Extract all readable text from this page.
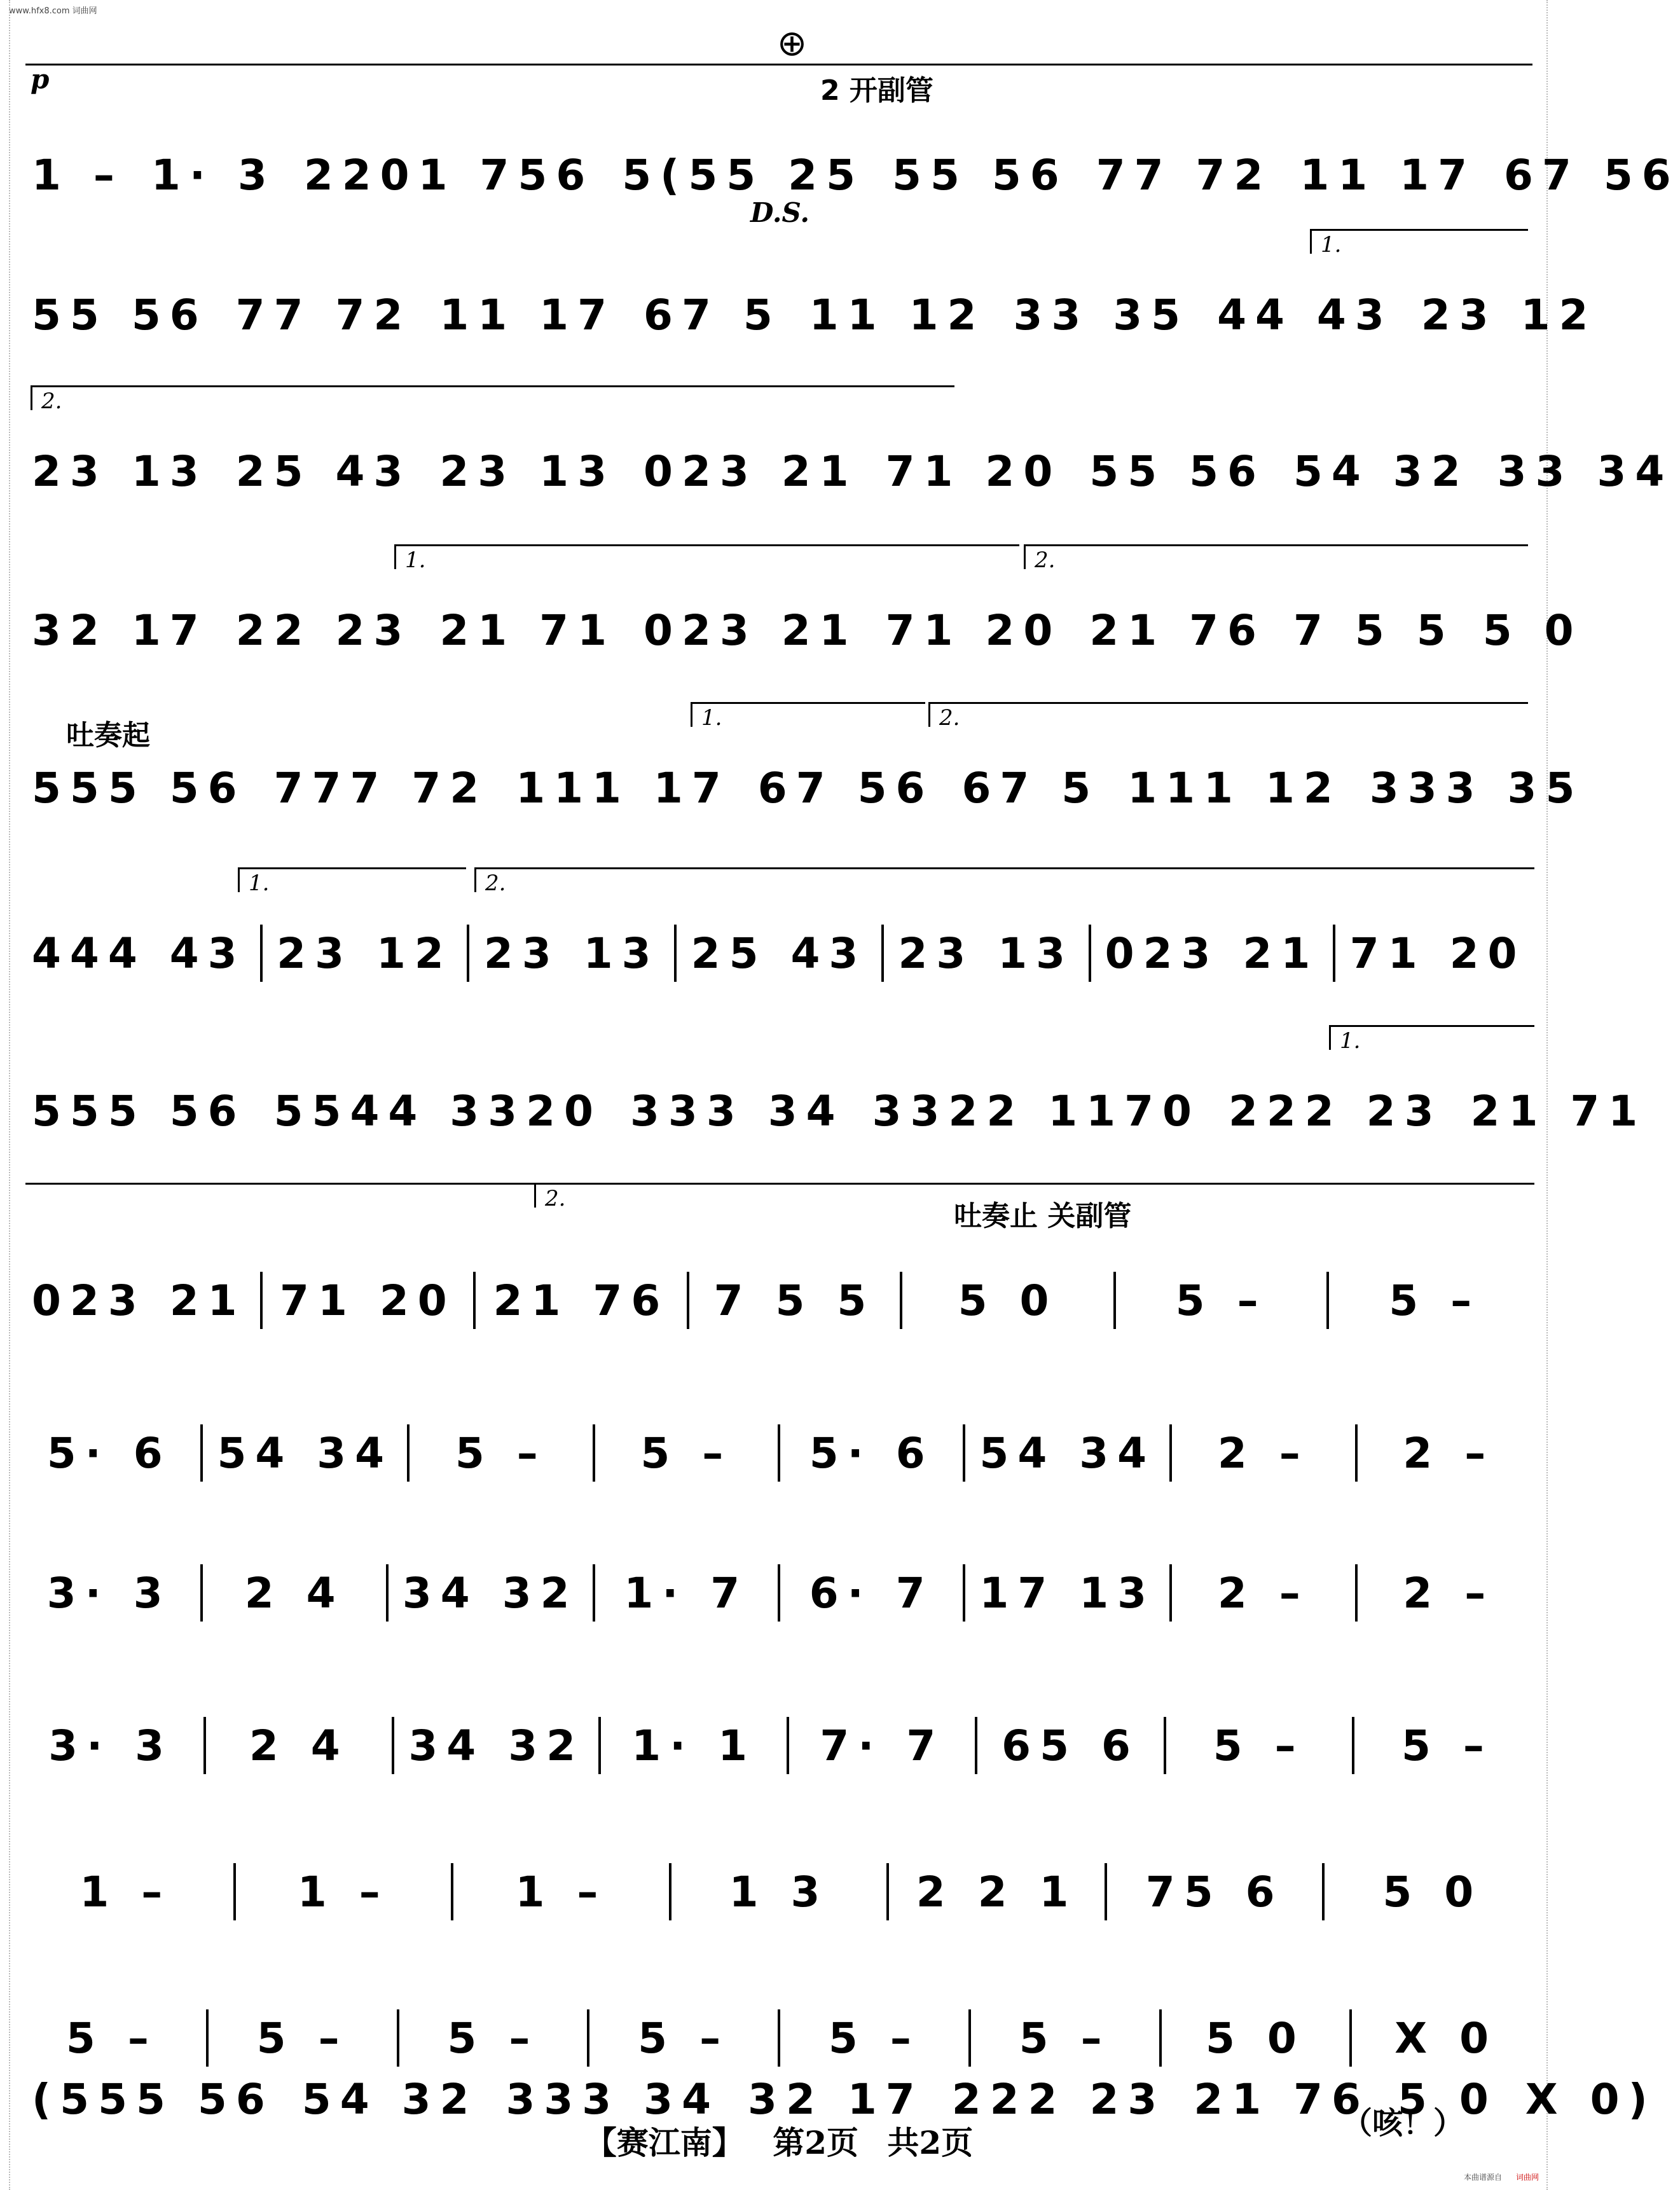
www.hfx8.com 词曲网
⊕
p	2 开副管
1 – 1· 3 2201 756 5(55 25 55 56 77 72 11 17 67 56
D.S.
1.
55 56 77 72 11 17 67 5 11 12 33 35 44 43 23 12
2.
23 13 25 43 23 13 023 21 71 20 55 56 54 32 33 34
1.	2.
32 17 22 23 21 71 023 21 71 20 21 76 7 5 5 5 0
吐奏起
1.	2.
555 56 777 72 111 17 67 56 67 5 111 12 333 35
1.	2.
444 43 23 12 23 13 25 43 23 13 023 21 71 20
1.
555 56 5544 3320 333 34 3322 1170 222 23 21 71
2.
吐奏止 关副管
023 21 71 20 21 76 7 5 5	5 0	5 –	5 –
5· 6	54 34	5 –	5 –	5· 6	54 34	2 –	2 –
3· 3	2 4	34 32	1· 7	6· 7	17 13	2 –	2 –
3· 3	2 4	34 32	1· 1	7· 7	65 6	5 –	5 –
1 –	1 –	1 –	1 3	2 2 1	75 6	5 0
5 –	5 –	5 –	5 –	5 –	5 –	5 0	X 0
(555 56 54 32 333 34 32 17 222 23 21 76 5 0 X 0)
（咳！）
【赛江南】 第2页 共2页
本曲谱源自 词曲网
